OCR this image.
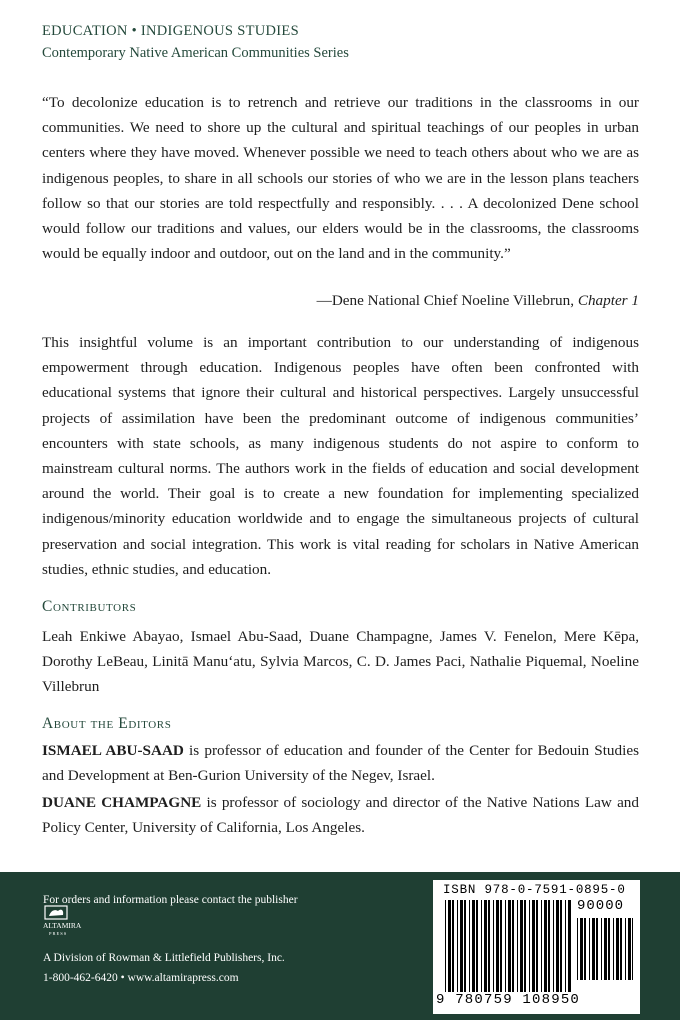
EDUCATION • INDIGENOUS STUDIES
Contemporary Native American Communities Series

“To decolonize education is to retrench and retrieve our traditions in the classrooms in our communities. We need to shore up the cultural and spiritual teachings of our peoples in urban centers where they have moved. Whenever possible we need to teach others about who we are as indigenous peoples, to share in all schools our stories of who we are in the lesson plans teachers follow so that our stories are told respectfully and responsibly. . . . A decolonized Dene school would follow our traditions and values, our elders would be in the classrooms, the classrooms would be equally indoor and outdoor, out on the land and in the community.”

—Dene National Chief Noeline Villebrun, Chapter 1

This insightful volume is an important contribution to our understanding of indigenous empowerment through education. Indigenous peoples have often been confronted with educational systems that ignore their cultural and historical perspectives. Largely unsuccessful projects of assimilation have been the predominant outcome of indigenous communities’ encounters with state schools, as many indigenous students do not aspire to conform to mainstream cultural norms. The authors work in the fields of education and social development around the world. Their goal is to create a new foundation for implementing specialized indigenous/minority education worldwide and to engage the simultaneous projects of cultural preservation and social integration. This work is vital reading for scholars in Native American studies, ethnic studies, and education.

Contributors

Leah Enkiwe Abayao, Ismael Abu-Saad, Duane Champagne, James V. Fenelon, Mere Kēpa, Dorothy LeBeau, Linitā Manu‘atu, Sylvia Marcos, C. D. James Paci, Nathalie Piquemal, Noeline Villebrun

About the Editors

ISMAEL ABU-SAAD is professor of education and founder of the Center for Bedouin Studies and Development at Ben-Gurion University of the Negev, Israel.

DUANE CHAMPAGNE is professor of sociology and director of the Native Nations Law and Policy Center, University of California, Los Angeles.

For orders and information please contact the publisher
ALTAMIRA
PRESS
A Division of Rowman & Littlefield Publishers, Inc.
1-800-462-6420 • www.altamirapress.com
ISBN 978-0-7591-0895-0
90000
9 780759 108950
